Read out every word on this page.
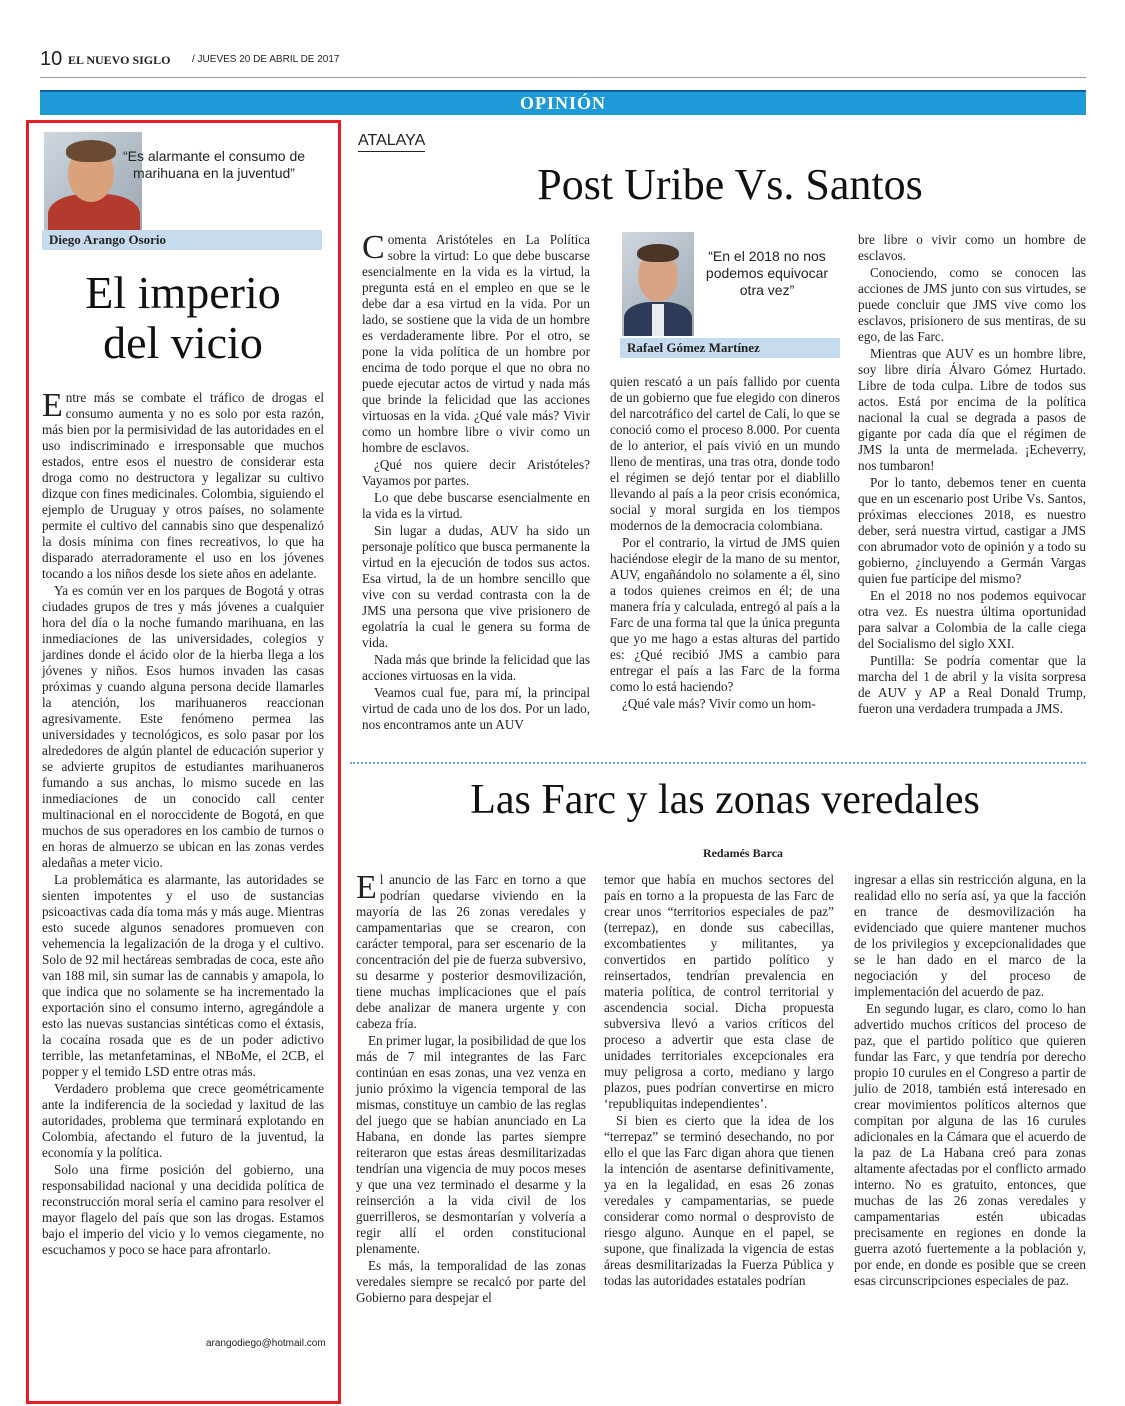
10 EL NUEVO SIGLO / JUEVES 20 DE ABRIL DE 2017
OPINIÓN
“Es alarmante el consumo de marihuana en la juventud”
Diego Arango Osorio
El imperio
del vicio

Entre más se combate el tráfico de drogas el consumo aumenta y no es solo por esta razón, más bien por la permisividad de las autoridades en el uso indiscriminado e irresponsable que muchos estados, entre esos el nuestro de considerar esta droga como no destructora y legalizar su cultivo dizque con fines medicinales. Colombia, siguiendo el ejemplo de Uruguay y otros países, no solamente permite el cultivo del cannabis sino que despenalizó la dosis mínima con fines recreativos, lo que ha disparado aterradoramente el uso en los jóvenes tocando a los niños desde los siete años en adelante.

Ya es común ver en los parques de Bogotá y otras ciudades grupos de tres y más jóvenes a cualquier hora del día o la noche fumando marihuana, en las inmediaciones de las universidades, colegios y jardines donde el ácido olor de la hierba llega a los jóvenes y niños. Esos humos invaden las casas próximas y cuando alguna persona decide llamarles la atención, los marihuaneros reaccionan agresivamente. Este fenómeno permea las universidades y tecnológicos, es solo pasar por los alrededores de algún plantel de educación superior y se advierte grupitos de estudiantes marihuaneros fumando a sus anchas, lo mismo sucede en las inmediaciones de un conocido call center multinacional en el noroccidente de Bogotá, en que muchos de sus operadores en los cambio de turnos o en horas de almuerzo se ubican en las zonas verdes aledañas a meter vicio.

La problemática es alarmante, las autoridades se sienten impotentes y el uso de sustancias psicoactivas cada día toma más y más auge. Mientras esto sucede algunos senadores promueven con vehemencia la legalización de la droga y el cultivo. Solo de 92 mil hectáreas sembradas de coca, este año van 188 mil, sin sumar las de cannabis y amapola, lo que indica que no solamente se ha incrementado la exportación sino el consumo interno, agregándole a esto las nuevas sustancias sintéticas como el éxtasis, la cocaína rosada que es de un poder adictivo terrible, las metanfetaminas, el NBoMe, el 2CB, el popper y el temido LSD entre otras más.

Verdadero problema que crece geométricamente ante la indiferencia de la sociedad y laxitud de las autoridades, problema que terminará explotando en Colombia, afectando el futuro de la juventud, la economía y la política.

Solo una firme posición del gobierno, una responsabilidad nacional y una decidida política de reconstrucción moral sería el camino para resolver el mayor flagelo del país que son las drogas. Estamos bajo el imperio del vicio y lo vemos ciegamente, no escuchamos y poco se hace para afrontarlo.

arangodiego@hotmail.com
ATALAYA
Post Uribe Vs. Santos

Comenta Aristóteles en La Política sobre la virtud: Lo que debe buscarse esencialmente en la vida es la virtud, la pregunta está en el empleo en que se le debe dar a esa virtud en la vida. Por un lado, se sostiene que la vida de un hombre es verdaderamente libre. Por el otro, se pone la vida política de un hombre por encima de todo porque el que no obra no puede ejecutar actos de virtud y nada más que brinde la felicidad que las acciones virtuosas en la vida. ¿Qué vale más? Vivir como un hombre libre o vivir como un hombre de esclavos.

¿Qué nos quiere decir Aristóteles? Vayamos por partes.

Lo que debe buscarse esencialmente en la vida es la virtud.

Sin lugar a dudas, AUV ha sido un personaje político que busca permanente la virtud en la ejecución de todos sus actos. Esa virtud, la de un hombre sencillo que vive con su verdad contrasta con la de JMS una persona que vive prisionero de egolatría la cual le genera su forma de vida.

Nada más que brinde la felicidad que las acciones virtuosas en la vida.

Veamos cual fue, para mí, la principal virtud de cada uno de los dos. Por un lado, nos encontramos ante un AUV

“En el 2018 no nos podemos equivocar otra vez”
Rafael Gómez Martínez

quien rescató a un país fallido por cuenta de un gobierno que fue elegido con dineros del narcotráfico del cartel de Cali, lo que se conoció como el proceso 8.000. Por cuenta de lo anterior, el país vivió en un mundo lleno de mentiras, una tras otra, donde todo el régimen se dejó tentar por el diablillo llevando al país a la peor crisis económica, social y moral surgida en los tiempos modernos de la democracia colombiana.

Por el contrario, la virtud de JMS quien haciéndose elegir de la mano de su mentor, AUV, engañándolo no solamente a él, sino a todos quienes creimos en él; de una manera fría y calculada, entregó al país a la Farc de una forma tal que la única pregunta que yo me hago a estas alturas del partido es: ¿Qué recibió JMS a cambio para entregar el país a las Farc de la forma como lo está haciendo?

¿Qué vale más? Vivir como un hom-

bre libre o vivir como un hombre de esclavos.

Conociendo, como se conocen las acciones de JMS junto con sus virtudes, se puede concluir que JMS vive como los esclavos, prisionero de sus mentiras, de su ego, de las Farc.

Mientras que AUV es un hombre libre, soy libre diría Álvaro Gómez Hurtado. Libre de toda culpa. Libre de todos sus actos. Está por encima de la política nacional la cual se degrada a pasos de gigante por cada día que el régimen de JMS la unta de mermelada. ¡Echeverry, nos tumbaron!

Por lo tanto, debemos tener en cuenta que en un escenario post Uribe Vs. Santos, próximas elecciones 2018, es nuestro deber, será nuestra virtud, castigar a JMS con abrumador voto de opinión y a todo su gobierno, ¿incluyendo a Germán Vargas quien fue partícipe del mismo?

En el 2018 no nos podemos equivocar otra vez. Es nuestra última oportunidad para salvar a Colombia de la calle ciega del Socialismo del siglo XXI.

Puntilla: Se podría comentar que la marcha del 1 de abril y la visita sorpresa de AUV y AP a Real Donald Trump, fueron una verdadera trumpada a JMS.

Las Farc y las zonas veredales
Redamés Barca

El anuncio de las Farc en torno a que podrían quedarse viviendo en la mayoría de las 26 zonas veredales y campamentarias que se crearon, con carácter temporal, para ser escenario de la concentración del pie de fuerza subversivo, su desarme y posterior desmovilización, tiene muchas implicaciones que el país debe analizar de manera urgente y con cabeza fría.

En primer lugar, la posibilidad de que los más de 7 mil integrantes de las Farc continúan en esas zonas, una vez venza en junio próximo la vigencia temporal de las mismas, constituye un cambio de las reglas del juego que se habían anunciado en La Habana, en donde las partes siempre reiteraron que estas áreas desmilitarizadas tendrían una vigencia de muy pocos meses y que una vez terminado el desarme y la reinserción a la vida civil de los guerrilleros, se desmontarían y volvería a regir allí el orden constitucional plenamente.

Es más, la temporalidad de las zonas veredales siempre se recalcó por parte del Gobierno para despejar el

temor que había en muchos sectores del país en torno a la propuesta de las Farc de crear unos “territorios especiales de paz” (terrepaz), en donde sus cabecillas, excombatientes y militantes, ya convertidos en partido político y reinsertados, tendrían prevalencia en materia política, de control territorial y ascendencia social. Dicha propuesta subversiva llevó a varios críticos del proceso a advertir que esta clase de unidades territoriales excepcionales era muy peligrosa a corto, mediano y largo plazos, pues podrían convertirse en micro ‘republiquitas independientes’.

Si bien es cierto que la idea de los “terrepaz” se terminó desechando, no por ello el que las Farc digan ahora que tienen la intención de asentarse definitivamente, ya en la legalidad, en esas 26 zonas veredales y campamentarias, se puede considerar como normal o desprovisto de riesgo alguno. Aunque en el papel, se supone, que finalizada la vigencia de estas áreas desmilitarizadas la Fuerza Pública y todas las autoridades estatales podrían

ingresar a ellas sin restricción alguna, en la realidad ello no sería así, ya que la facción en trance de desmovilización ha evidenciado que quiere mantener muchos de los privilegios y excepcionalidades que se le han dado en el marco de la negociación y del proceso de implementación del acuerdo de paz.

En segundo lugar, es claro, como lo han advertido muchos críticos del proceso de paz, que el partido político que quieren fundar las Farc, y que tendría por derecho propio 10 curules en el Congreso a partir de julio de 2018, también está interesado en crear movimientos políticos alternos que compitan por alguna de las 16 curules adicionales en la Cámara que el acuerdo de la paz de La Habana creó para zonas altamente afectadas por el conflicto armado interno. No es gratuito, entonces, que muchas de las 26 zonas veredales y campamentarias estén ubicadas precisamente en regiones en donde la guerra azotó fuertemente a la población y, por ende, en donde es posible que se creen esas circunscripciones especiales de paz.
